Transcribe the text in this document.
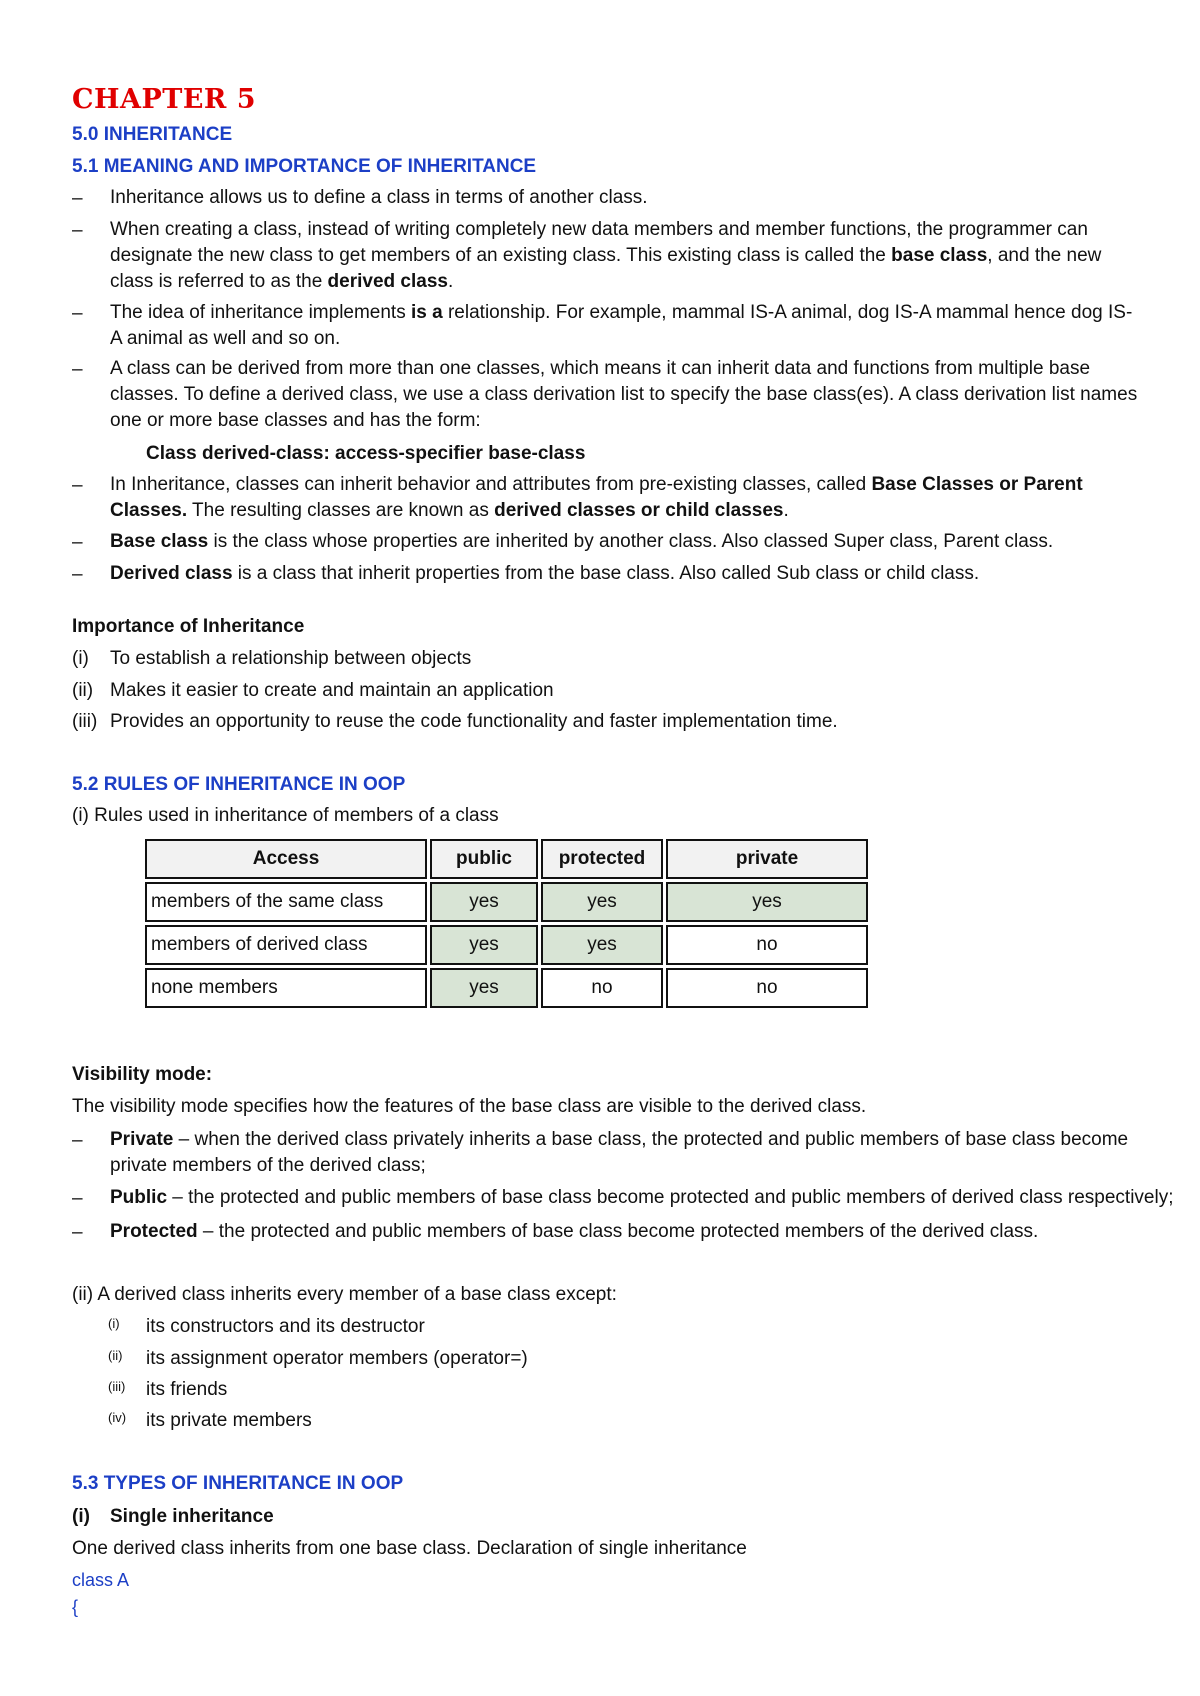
CHAPTER 5
5.0 INHERITANCE
5.1 MEANING AND IMPORTANCE OF INHERITANCE
– Inheritance allows us to define a class in terms of another class.
– When creating a class, instead of writing completely new data members and member functions, the programmer can designate the new class to get members of an existing class. This existing class is called the base class, and the new class is referred to as the derived class.
– The idea of inheritance implements is a relationship. For example, mammal IS-A animal, dog IS-A mammal hence dog IS-A animal as well and so on.
– A class can be derived from more than one classes, which means it can inherit data and functions from multiple base classes. To define a derived class, we use a class derivation list to specify the base class(es). A class derivation list names one or more base classes and has the form:
Class derived-class: access-specifier base-class
– In Inheritance, classes can inherit behavior and attributes from pre-existing classes, called Base Classes or Parent Classes. The resulting classes are known as derived classes or child classes.
– Base class is the class whose properties are inherited by another class. Also classed Super class, Parent class.
– Derived class is a class that inherit properties from the base class. Also called Sub class or child class.
Importance of Inheritance
(i) To establish a relationship between objects
(ii) Makes it easier to create and maintain an application
(iii) Provides an opportunity to reuse the code functionality and faster implementation time.
5.2 RULES OF INHERITANCE IN OOP
(i) Rules used in inheritance of members of a class
Access	public	protected	private
members of the same class	yes	yes	yes
members of derived class	yes	yes	no
none members	yes	no	no
Visibility mode:
The visibility mode specifies how the features of the base class are visible to the derived class.
– Private – when the derived class privately inherits a base class, the protected and public members of base class become private members of the derived class;
– Public – the protected and public members of base class become protected and public members of derived class respectively;
– Protected – the protected and public members of base class become protected members of the derived class.
(ii) A derived class inherits every member of a base class except:
(i) its constructors and its destructor
(ii) its assignment operator members (operator=)
(iii) its friends
(iv) its private members
5.3 TYPES OF INHERITANCE IN OOP
(i) Single inheritance
One derived class inherits from one base class. Declaration of single inheritance
class A
{
